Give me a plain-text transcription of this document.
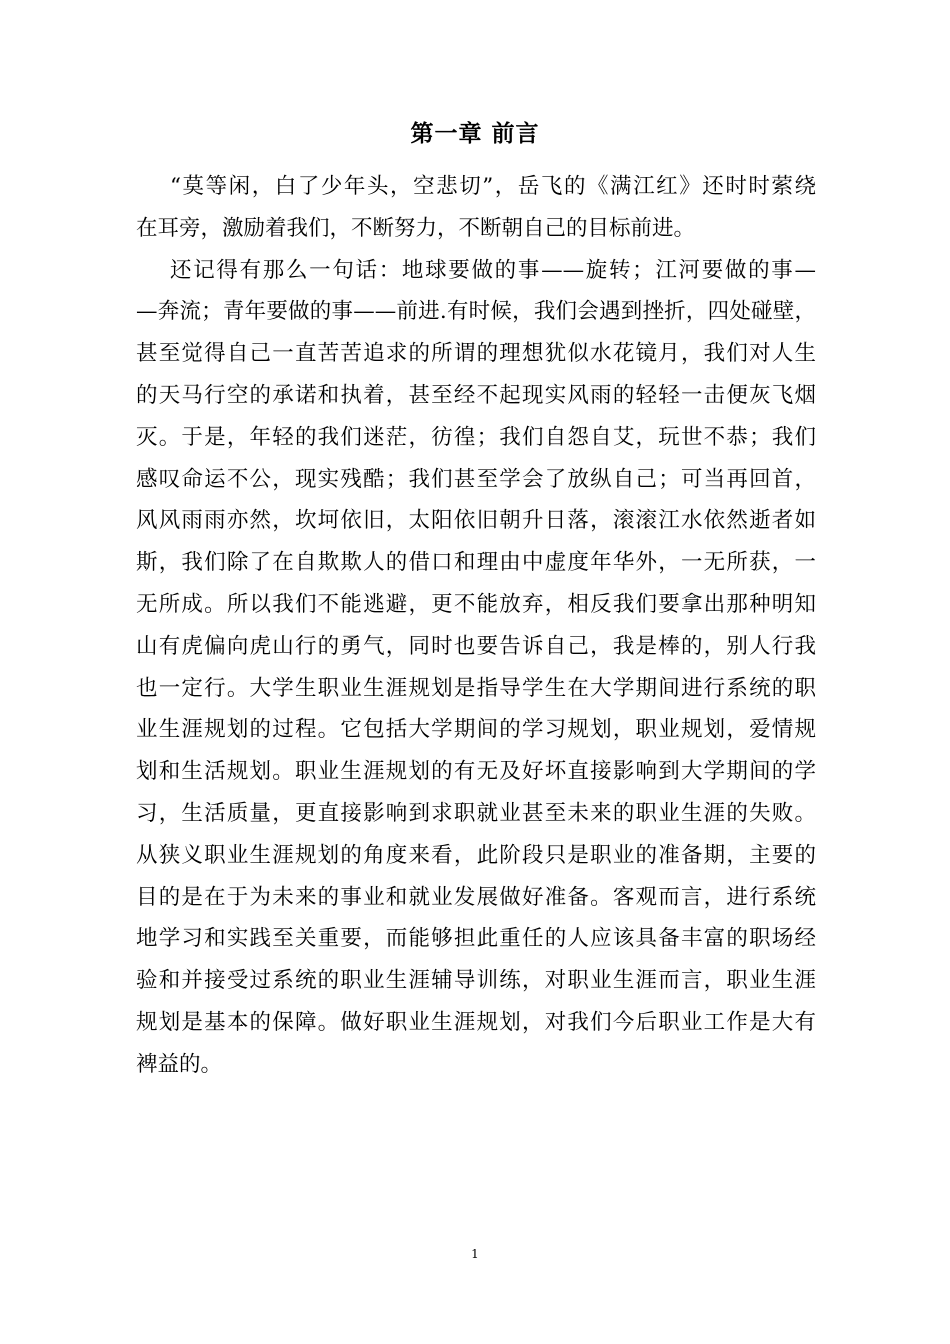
第一章 前言
“莫等闲，白了少年头，空悲切”，岳飞的《满江红》还时时萦绕
在耳旁，激励着我们，不断努力，不断朝自己的目标前进。
还记得有那么一句话：地球要做的事——旋转；江河要做的事—
—奔流；青年要做的事——前进.有时候，我们会遇到挫折，四处碰壁，
甚至觉得自己一直苦苦追求的所谓的理想犹似水花镜月，我们对人生
的天马行空的承诺和执着，甚至经不起现实风雨的轻轻一击便灰飞烟
灭。于是，年轻的我们迷茫，彷徨；我们自怨自艾，玩世不恭；我们
感叹命运不公，现实残酷；我们甚至学会了放纵自己；可当再回首，
风风雨雨亦然，坎坷依旧，太阳依旧朝升日落，滚滚江水依然逝者如
斯，我们除了在自欺欺人的借口和理由中虚度年华外，一无所获，一
无所成。所以我们不能逃避，更不能放弃，相反我们要拿出那种明知
山有虎偏向虎山行的勇气，同时也要告诉自己，我是棒的，别人行我
也一定行。大学生职业生涯规划是指导学生在大学期间进行系统的职
业生涯规划的过程。它包括大学期间的学习规划，职业规划，爱情规
划和生活规划。职业生涯规划的有无及好坏直接影响到大学期间的学
习，生活质量，更直接影响到求职就业甚至未来的职业生涯的失败。
从狭义职业生涯规划的角度来看，此阶段只是职业的准备期，主要的
目的是在于为未来的事业和就业发展做好准备。客观而言，进行系统
地学习和实践至关重要，而能够担此重任的人应该具备丰富的职场经
验和并接受过系统的职业生涯辅导训练，对职业生涯而言，职业生涯
规划是基本的保障。做好职业生涯规划，对我们今后职业工作是大有
裨益的。
1
